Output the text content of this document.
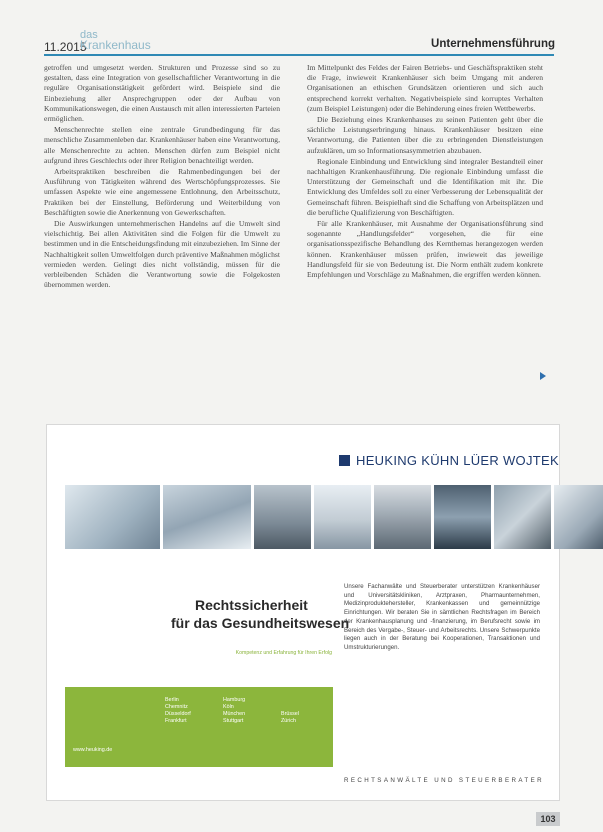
11.2015
das
Krankenhaus	Unternehmensführung

getroffen und umgesetzt werden. Strukturen und Prozesse sind so zu gestalten, dass eine Integration von gesellschaftlicher Verantwortung in die reguläre Organisationstätigkeit gefördert wird. Beispiele sind die Einbeziehung aller Ansprechgruppen oder der Aufbau von Kommunikationswegen, die einen Austausch mit allen interessierten Parteien ermöglichen.

Menschenrechte stellen eine zentrale Grundbedingung für das menschliche Zusammenleben dar. Krankenhäuser haben eine Verantwortung, alle Menschenrechte zu achten. Menschen dürfen zum Beispiel nicht aufgrund ihres Geschlechts oder ihrer Religion benachteiligt werden.

Arbeitspraktiken beschreiben die Rahmenbedingungen bei der Ausführung von Tätigkeiten während des Wertschöpfungsprozesses. Sie umfassen Aspekte wie eine angemessene Entlohnung, den Arbeitsschutz, Praktiken bei der Einstellung, Beförderung und Weiterbildung von Beschäftigten sowie die Anerkennung von Gewerkschaften.

Die Auswirkungen unternehmerischen Handelns auf die Umwelt sind vielschichtig. Bei allen Aktivitäten sind die Folgen für die Umwelt zu bestimmen und in die Entscheidungsfindung mit einzubeziehen. Im Sinne der Nachhaltigkeit sollen Umweltfolgen durch präventive Maßnahmen möglichst vermieden werden. Gelingt dies nicht vollständig, müssen für die verbleibenden Schäden die Verantwortung sowie die Folgekosten übernommen werden.

Im Mittelpunkt des Feldes der Fairen Betriebs- und Geschäftspraktiken steht die Frage, inwieweit Krankenhäuser sich beim Umgang mit anderen Organisationen an ethischen Grundsätzen orientieren und sich auch entsprechend korrekt verhalten. Negativbeispiele sind korruptes Verhalten (zum Beispiel Leistungen) oder die Behinderung eines freien Wettbewerbs.

Die Beziehung eines Krankenhauses zu seinen Patienten geht über die sächliche Leistungserbringung hinaus. Krankenhäuser besitzen eine Verantwortung, die Patienten über die zu erbringenden Dienstleistungen aufzuklären, um so Informationsasymmetrien abzubauen.

Regionale Einbindung und Entwicklung sind integraler Bestandteil einer nachhaltigen Krankenhausführung. Die regionale Einbindung umfasst die Unterstützung der Gemeinschaft und die Identifikation mit ihr. Die Entwicklung des Umfeldes soll zu einer Verbesserung der Lebensqualität der Gemeinschaft führen. Beispielhaft sind die Schaffung von Arbeitsplätzen und die berufliche Qualifizierung von Beschäftigten.

Für alle Krankenhäuser, mit Ausnahme der Organisationsführung sind sogenannte „Handlungsfelder“ vorgesehen, die für eine organisationsspezifische Behandlung des Kernthemas herangezogen werden können. Krankenhäuser müssen prüfen, inwieweit das jeweilige Handlungsfeld für sie von Bedeutung ist. Die Norm enthält zudem konkrete Empfehlungen und Vorschläge zu Maßnahmen, die ergriffen werden können.

HEUKING KÜHN LÜER WOJTEK
Rechtssicherheit
für das Gesundheitswesen
Kompetenz und Erfahrung für Ihren Erfolg
Berlin	Hamburg
Chemnitz	Köln
Düsseldorf	München	Brüssel
Frankfurt	Stuttgart	Zürich
www.heuking.de
Unsere Fachanwälte und Steuerberater unterstützen Krankenhäuser und Universitätskliniken, Arztpraxen, Pharmaunternehmen, Medizinproduktehersteller, Krankenkassen und gemeinnützige Einrichtungen. Wir beraten Sie in sämtlichen Rechtsfragen im Bereich der Krankenhausplanung und -finanzierung, im Berufsrecht sowie im Bereich des Vergabe-, Steuer- und Arbeitsrechts. Unsere Schwerpunkte liegen auch in der Beratung bei Kooperationen, Transaktionen und Umstrukturierungen.
RECHTSANWÄLTE UND STEUERBERATER
103
